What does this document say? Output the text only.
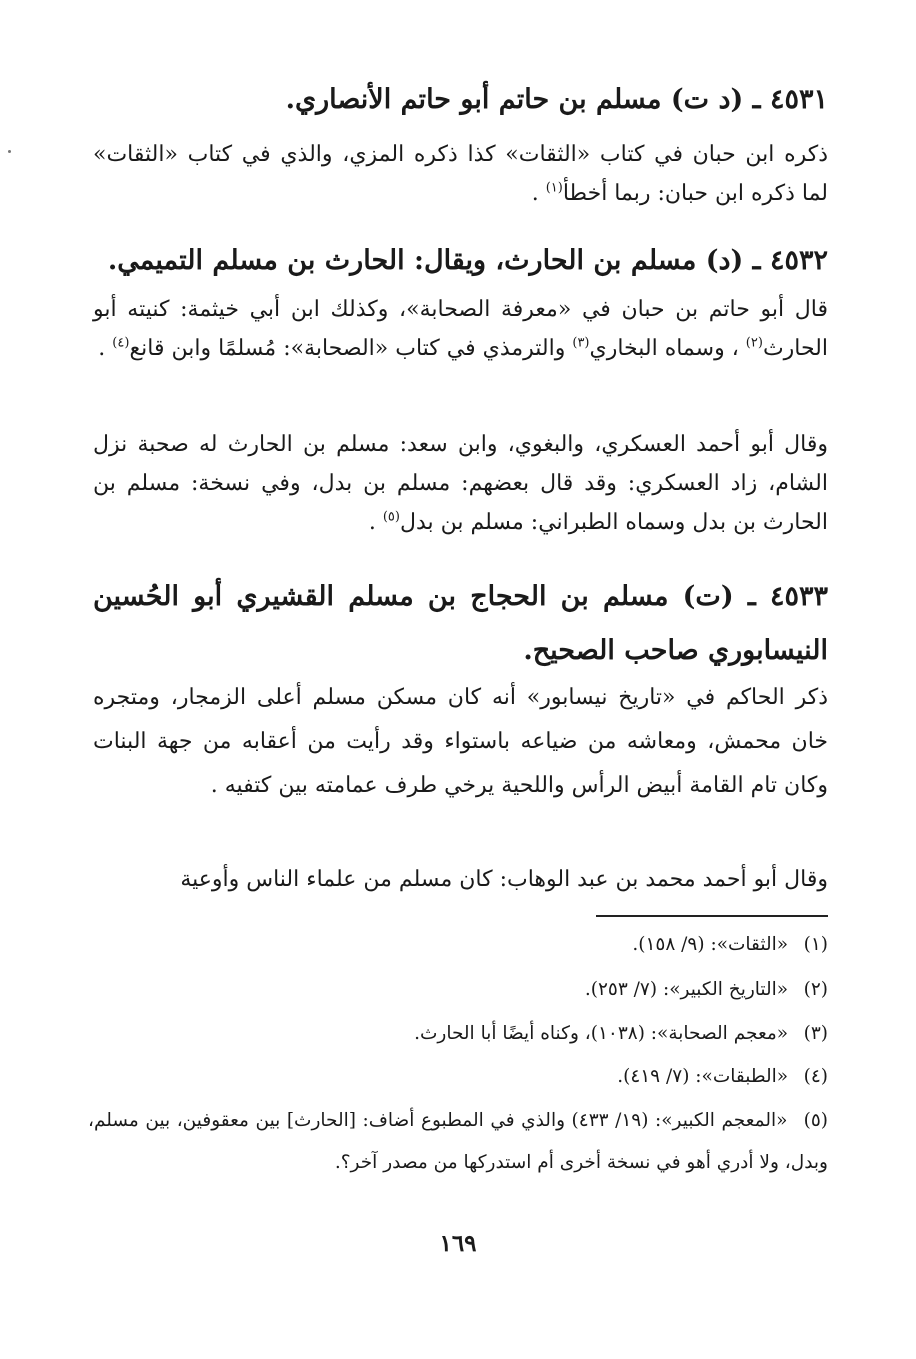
٤٥٣١ ـ (د ت) مسلم بن حاتم أبو حاتم الأنصاري.
ذكره ابن حبان في كتاب «الثقات» كذا ذكره المزي، والذي في كتاب «الثقات» لما ذكره ابن حبان: ربما أخطأ$^{(١)}$ .
٤٥٣٢ ـ (د) مسلم بن الحارث، ويقال: الحارث بن مسلم التميمي.
قال أبو حاتم بن حبان في «معرفة الصحابة»، وكذلك ابن أبي خيثمة: كنيته أبو الحارث$^{(٢)}$ ، وسماه البخاري$^{(٣)}$ والترمذي في كتاب «الصحابة»: مُسلمًا وابن قانع$^{(٤)}$ .
وقال أبو أحمد العسكري، والبغوي، وابن سعد: مسلم بن الحارث له صحبة نزل الشام، زاد العسكري: وقد قال بعضهم: مسلم بن بدل، وفي نسخة: مسلم بن الحارث بن بدل وسماه الطبراني: مسلم بن بدل$^{(٥)}$ .
٤٥٣٣ ـ (ت) مسلم بن الحجاج بن مسلم القشيري أبو الحُسين النيسابوري صاحب الصحيح.
ذكر الحاكم في «تاريخ نيسابور» أنه كان مسكن مسلم أعلى الزمجار، ومتجره خان محمش، ومعاشه من ضياعه باستواء وقد رأيت من أعقابه من جهة البنات وكان تام القامة أبيض الرأس واللحية يرخي طرف عمامته بين كتفيه .
وقال أبو أحمد محمد بن عبد الوهاب: كان مسلم من علماء الناس وأوعية
(١) «الثقات»: (٩/ ١٥٨).
(٢) «التاريخ الكبير»: (٧/ ٢٥٣).
(٣) «معجم الصحابة»: (١٠٣٨)، وكناه أيضًا أبا الحارث.
(٤) «الطبقات»: (٧/ ٤١٩).
(٥) «المعجم الكبير»: (١٩/ ٤٣٣) والذي في المطبوع أضاف: [الحارث] بين معقوفين، بين مسلم، وبدل، ولا أدري أهو في نسخة أخرى أم استدركها من مصدر آخر؟.
١٦٩
